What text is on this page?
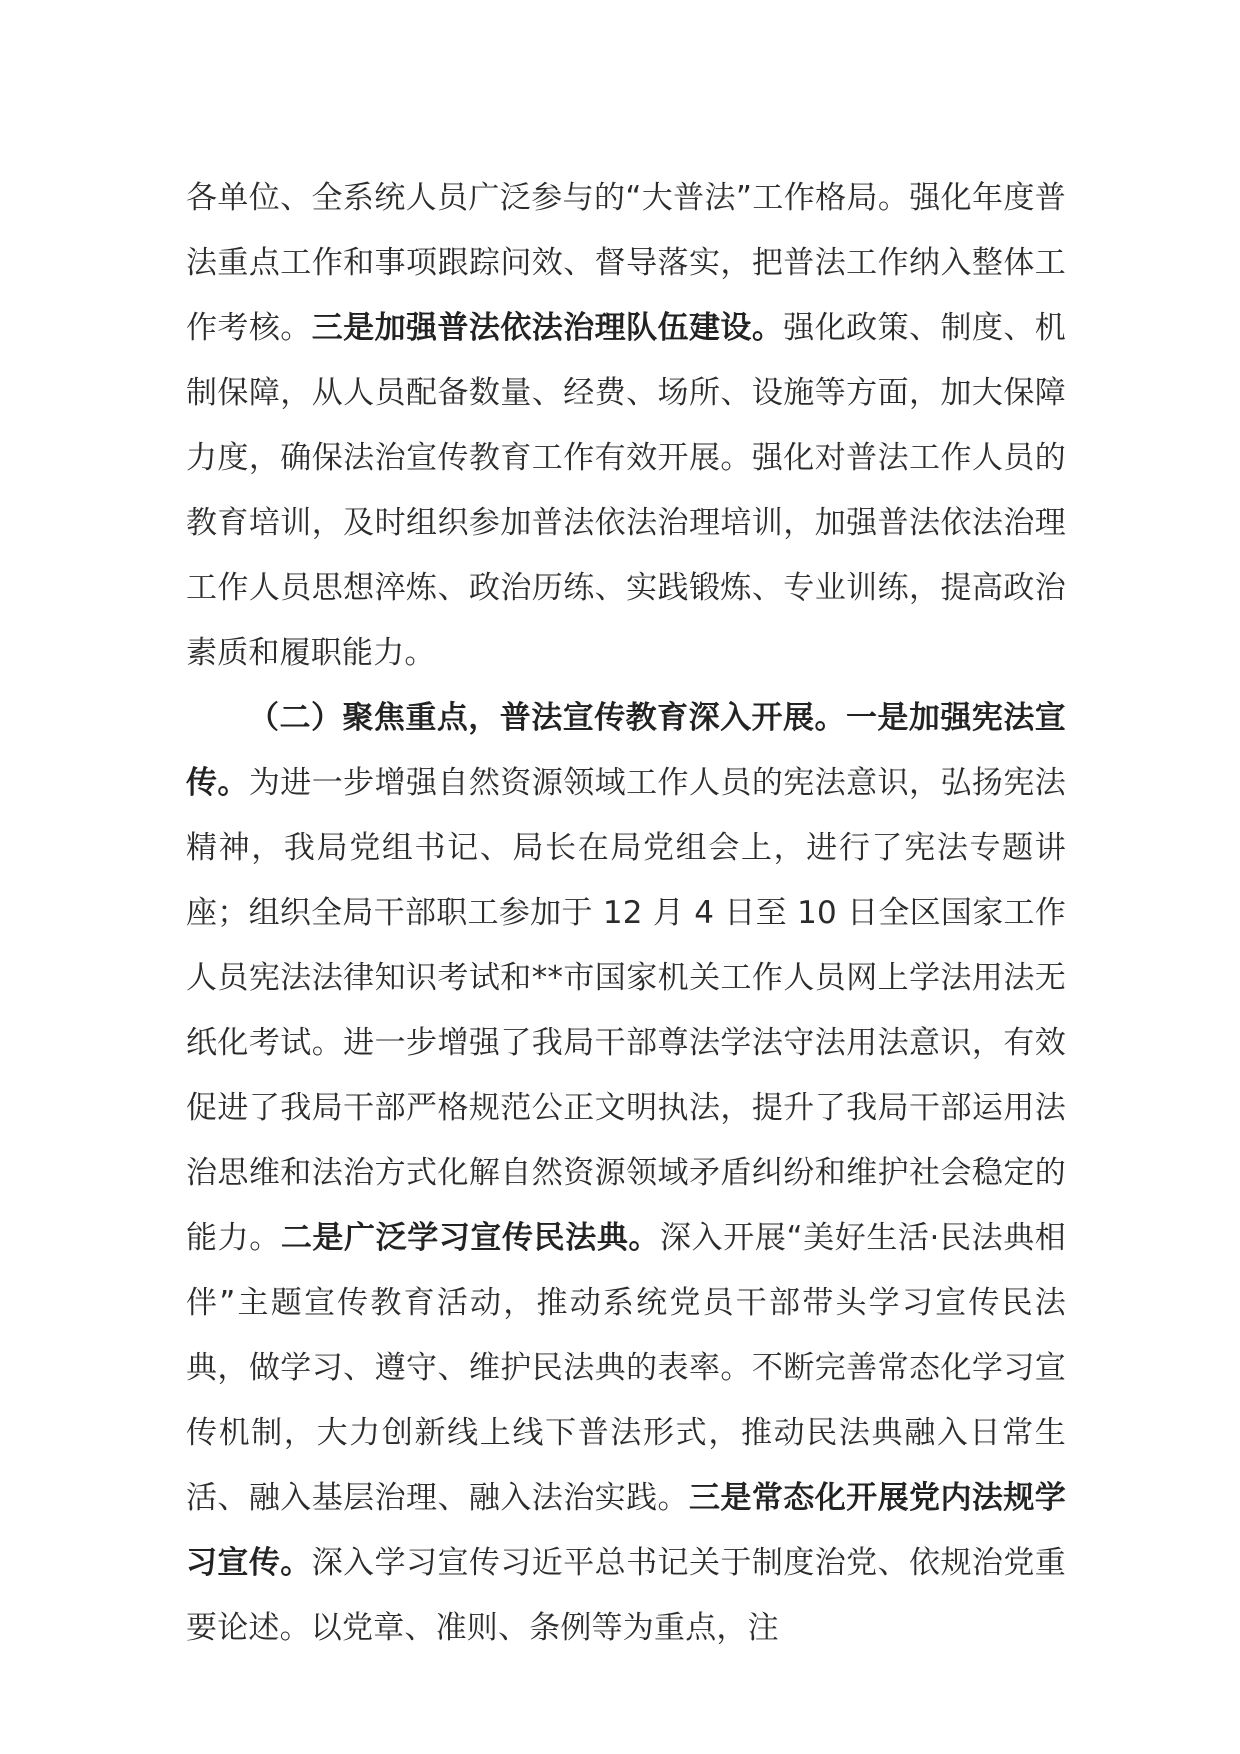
各单位、全系统人员广泛参与的“大普法”工作格局。强化年度普法重点工作和事项跟踪问效、督导落实，把普法工作纳入整体工作考核。三是加强普法依法治理队伍建设。强化政策、制度、机制保障，从人员配备数量、经费、场所、设施等方面，加大保障力度，确保法治宣传教育工作有效开展。强化对普法工作人员的教育培训，及时组织参加普法依法治理培训，加强普法依法治理工作人员思想淬炼、政治历练、实践锻炼、专业训练，提高政治素质和履职能力。

（二）聚焦重点，普法宣传教育深入开展。一是加强宪法宣传。为进一步增强自然资源领域工作人员的宪法意识，弘扬宪法精神，我局党组书记、局长在局党组会上，进行了宪法专题讲座；组织全局干部职工参加于 12 月 4 日至 10 日全区国家工作人员宪法法律知识考试和**市国家机关工作人员网上学法用法无纸化考试。进一步增强了我局干部尊法学法守法用法意识，有效促进了我局干部严格规范公正文明执法，提升了我局干部运用法治思维和法治方式化解自然资源领域矛盾纠纷和维护社会稳定的能力。二是广泛学习宣传民法典。深入开展“美好生活·民法典相伴”主题宣传教育活动，推动系统党员干部带头学习宣传民法典，做学习、遵守、维护民法典的表率。不断完善常态化学习宣传机制，大力创新线上线下普法形式，推动民法典融入日常生活、融入基层治理、融入法治实践。三是常态化开展党内法规学习宣传。深入学习宣传习近平总书记关于制度治党、依规治党重要论述。以党章、准则、条例等为重点，注
